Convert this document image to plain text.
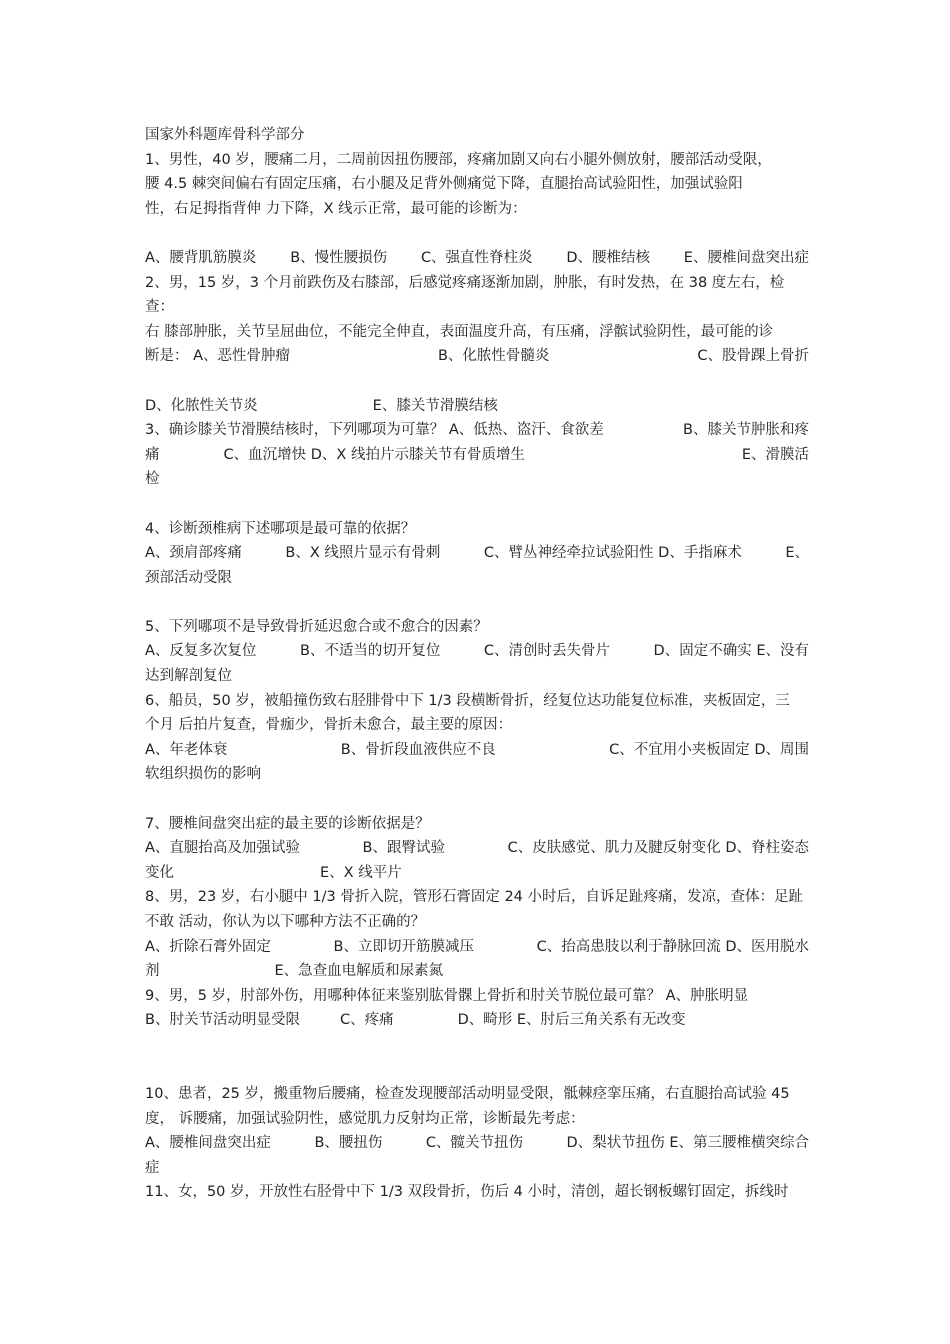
国家外科题库骨科学部分

1、男性，40 岁，腰痛二月，二周前因扭伤腰部，疼痛加剧又向右小腿外侧放射，腰部活动受限，

腰 4.5 棘突间偏右有固定压痛，右小腿及足背外侧痛觉下降，直腿抬高试验阳性，加强试验阳

性，右足拇指背伸 力下降，X 线示正常，最可能的诊断为：

A、腰背肌筋膜炎 B、慢性腰损伤 C、强直性脊柱炎 D、腰椎结核 E、腰椎间盘突出症

2、男，15 岁，3 个月前跌伤及右膝部，后感觉疼痛逐渐加剧，肿胀，有时发热，在 38 度左右，检查：

右 膝部肿胀，关节呈屈曲位，不能完全伸直，表面温度升高，有压痛，浮髌试验阴性，最可能的诊

断是： A、恶性骨肿瘤	B、化脓性骨髓炎	C、股骨踝上骨折

D、化脓性关节炎	E、膝关节滑膜结核

3、确诊膝关节滑膜结核时，下列哪项为可靠？ A、低热、盗汗、食欲差	B、膝关节肿胀和疼

痛	C、血沉增快 D、X 线拍片示膝关节有骨质增生	E、滑膜活

检

4、诊断颈椎病下述哪项是最可靠的依据？

A、颈肩部疼痛	B、X 线照片显示有骨刺	C、臂丛神经牵拉试验阳性 D、手指麻术	E、

颈部活动受限

5、下列哪项不是导致骨折延迟愈合或不愈合的因素？

A、反复多次复位	B、不适当的切开复位	C、清创时丢失骨片	D、固定不确实 E、没有

达到解剖复位

6、船员，50 岁，被船撞伤致右胫腓骨中下 1/3 段横断骨折，经复位达功能复位标准，夹板固定，三

个月 后拍片复查，骨痂少，骨折未愈合，最主要的原因：

A、年老体衰	B、骨折段血液供应不良	C、不宜用小夹板固定 D、周围

软组织损伤的影响

7、腰椎间盘突出症的最主要的诊断依据是？

A、直腿抬高及加强试验	B、跟臀试验	C、皮肤感觉、肌力及腱反射变化 D、脊柱姿态

变化	E、X 线平片

8、男，23 岁，右小腿中 1/3 骨折入院，管形石膏固定 24 小时后，自诉足趾疼痛，发凉，查体：足趾

不敢 活动，你认为以下哪种方法不正确的？

A、折除石膏外固定	B、立即切开筋膜减压	C、抬高患肢以利于静脉回流 D、医用脱水

剂	E、急查血电解质和尿素氮

9、男，5 岁，肘部外伤，用哪种体征来鉴别肱骨髁上骨折和肘关节脱位最可靠？ A、肿胀明显

B、肘关节活动明显受限	C、疼痛	D、畸形 E、肘后三角关系有无改变

10、患者，25 岁，搬重物后腰痛，检查发现腰部活动明显受限，骶棘痉挛压痛，右直腿抬高试验 45

度， 诉腰痛，加强试验阴性，感觉肌力反射均正常，诊断最先考虑：

A、腰椎间盘突出症	B、腰扭伤	C、髋关节扭伤	D、梨状节扭伤 E、第三腰椎横突综合

症

11、女，50 岁，开放性右胫骨中下 1/3 双段骨折，伤后 4 小时，清创，超长钢板螺钉固定，拆线时
